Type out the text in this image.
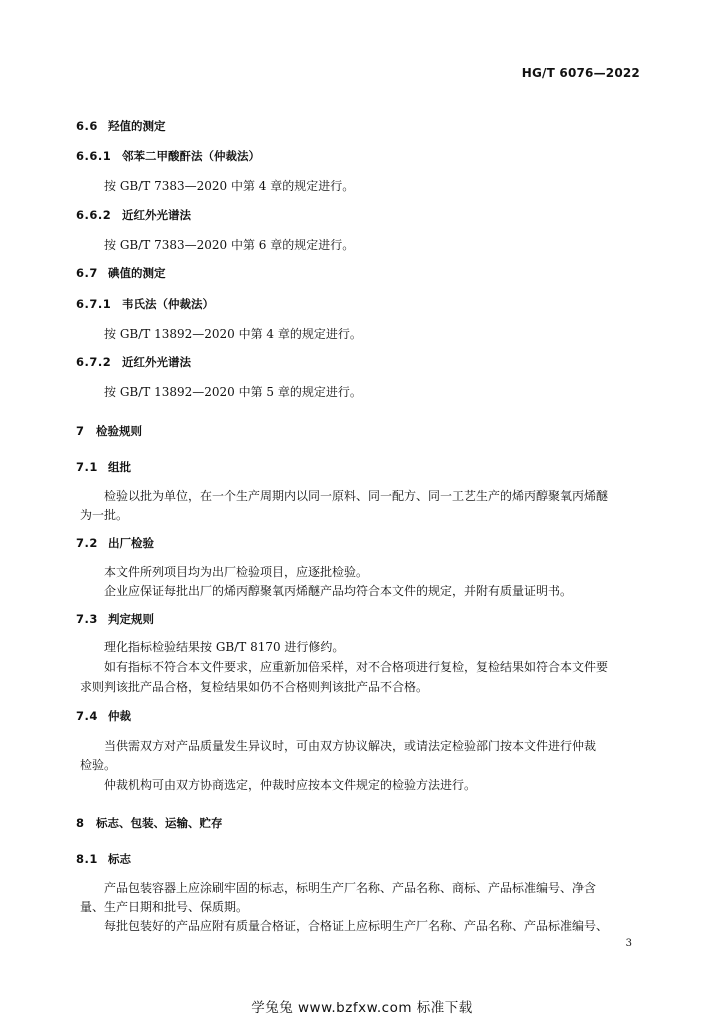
HG/T 6076—2022
6.6 羟值的测定
6.6.1 邻苯二甲酸酐法（仲裁法）
按 GB/T 7383—2020 中第 4 章的规定进行。
6.6.2 近红外光谱法
按 GB/T 7383—2020 中第 6 章的规定进行。
6.7 碘值的测定
6.7.1 韦氏法（仲裁法）
按 GB/T 13892—2020 中第 4 章的规定进行。
6.7.2 近红外光谱法
按 GB/T 13892—2020 中第 5 章的规定进行。
7 检验规则
7.1 组批
检验以批为单位，在一个生产周期内以同一原料、同一配方、同一工艺生产的烯丙醇聚氧丙烯醚
为一批。
7.2 出厂检验
本文件所列项目均为出厂检验项目，应逐批检验。
企业应保证每批出厂的烯丙醇聚氧丙烯醚产品均符合本文件的规定，并附有质量证明书。
7.3 判定规则
理化指标检验结果按 GB/T 8170 进行修约。
如有指标不符合本文件要求，应重新加倍采样，对不合格项进行复检，复检结果如符合本文件要
求则判该批产品合格，复检结果如仍不合格则判该批产品不合格。
7.4 仲裁
当供需双方对产品质量发生异议时，可由双方协议解决，或请法定检验部门按本文件进行仲裁
检验。
仲裁机构可由双方协商选定，仲裁时应按本文件规定的检验方法进行。
8 标志、包装、运输、贮存
8.1 标志
产品包装容器上应涂刷牢固的标志，标明生产厂名称、产品名称、商标、产品标准编号、净含
量、生产日期和批号、保质期。
每批包装好的产品应附有质量合格证，合格证上应标明生产厂名称、产品名称、产品标准编号、
3
学兔兔 www.bzfxw.com 标准下载
